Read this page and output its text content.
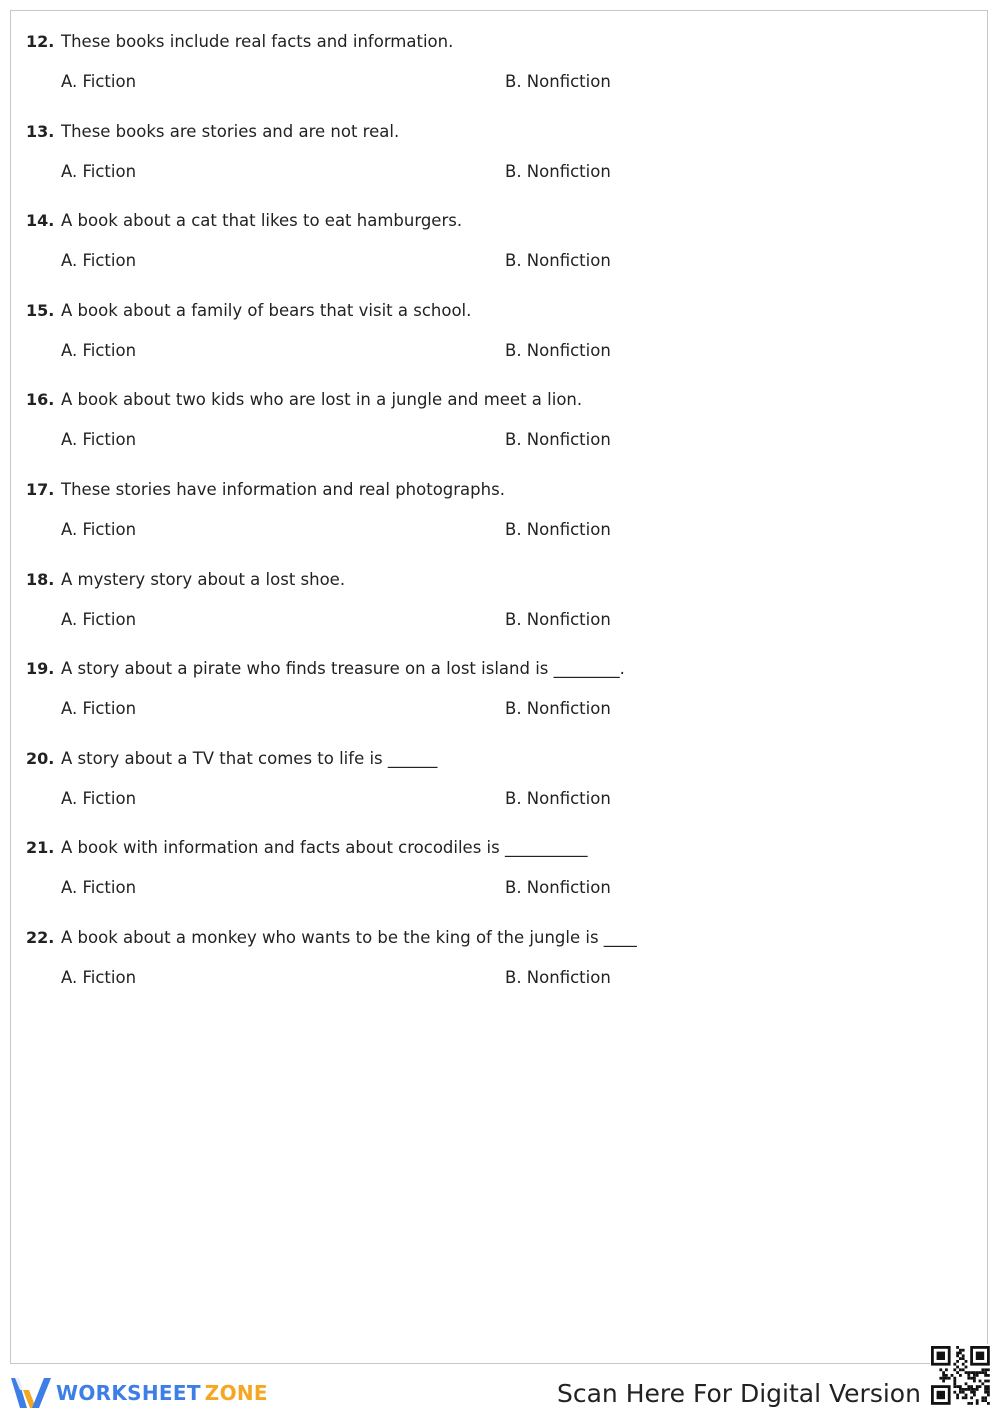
12. These books include real facts and information.
A. Fiction	B. Nonfiction
13. These books are stories and are not real.
A. Fiction	B. Nonfiction
14. A book about a cat that likes to eat hamburgers.
A. Fiction	B. Nonfiction
15. A book about a family of bears that visit a school.
A. Fiction	B. Nonfiction
16. A book about two kids who are lost in a jungle and meet a lion.
A. Fiction	B. Nonfiction
17. These stories have information and real photographs.
A. Fiction	B. Nonfiction
18. A mystery story about a lost shoe.
A. Fiction	B. Nonfiction
19. A story about a pirate who finds treasure on a lost island is ________.
A. Fiction	B. Nonfiction
20. A story about a TV that comes to life is ______
A. Fiction	B. Nonfiction
21. A book with information and facts about crocodiles is __________
A. Fiction	B. Nonfiction
22. A book about a monkey who wants to be the king of the jungle is ____
A. Fiction	B. Nonfiction
WORKSHEET ZONE	Scan Here For Digital Version
